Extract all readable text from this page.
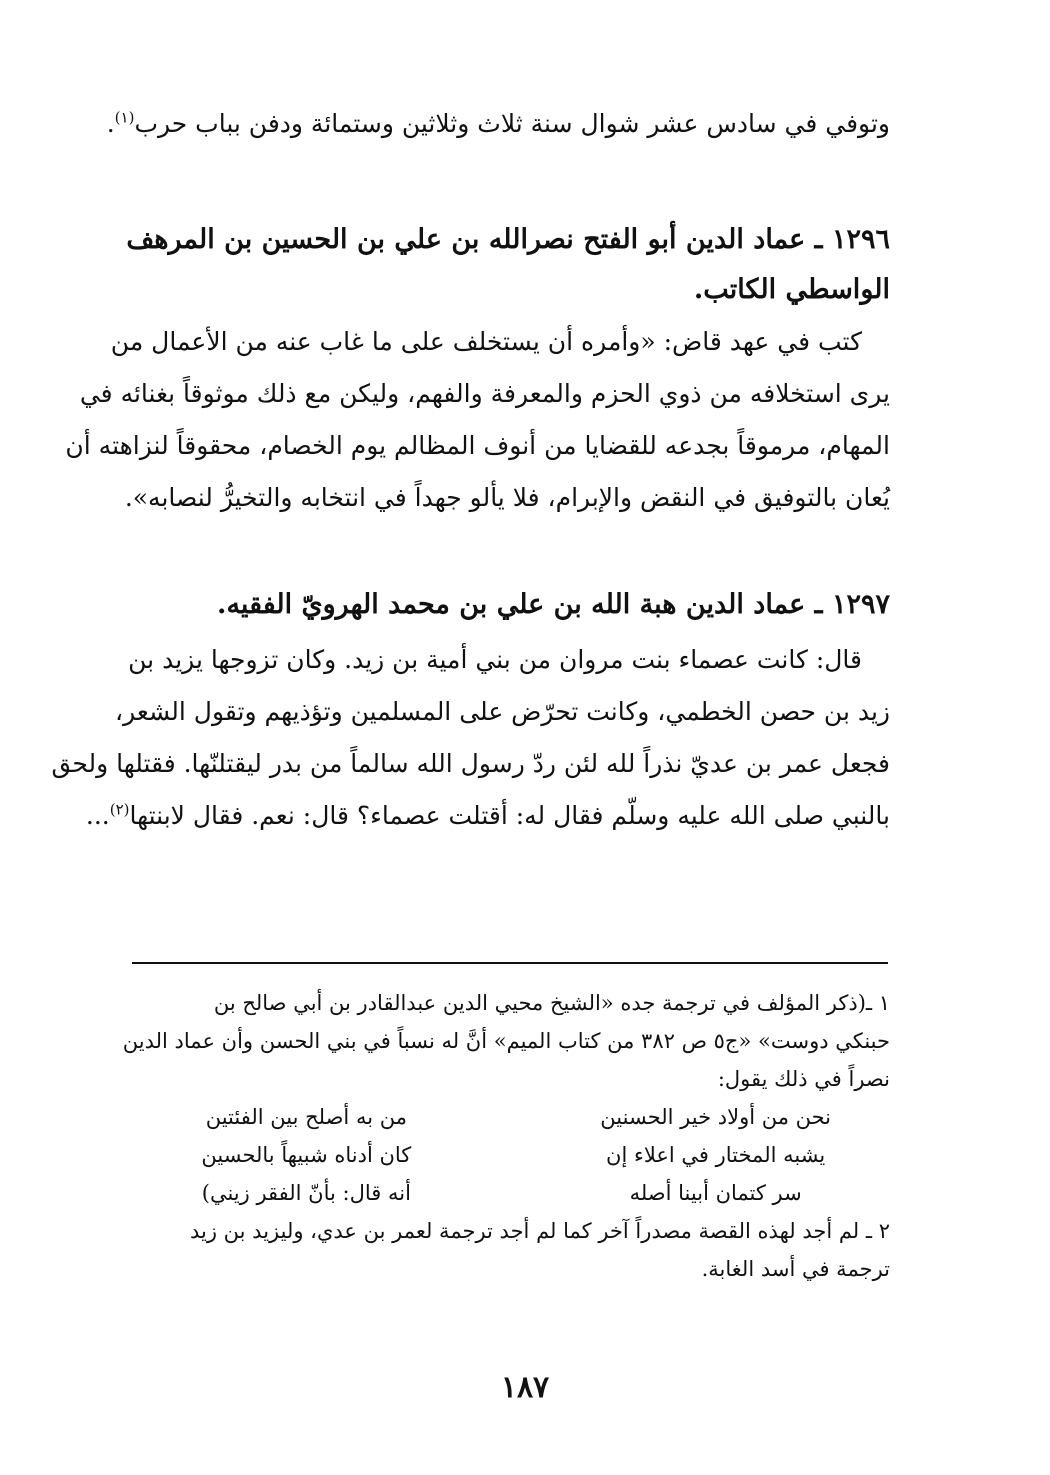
وتوفي في سادس عشر شوال سنة ثلاث وثلاثين وستمائة ودفن بباب حرب$^{(١)}$.
١٢٩٦ ـ عماد الدين أبو الفتح نصرالله بن علي بن الحسين بن المرهف
الواسطي الكاتب.
كتب في عهد قاض: «وأمره أن يستخلف على ما غاب عنه من الأعمال من
يرى استخلافه من ذوي الحزم والمعرفة والفهم، وليكن مع ذلك موثوقاً بغنائه في
المهام، مرموقاً بجدعه للقضايا من أنوف المظالم يوم الخصام، محقوقاً لنزاهته أن
يُعان بالتوفيق في النقض والإبرام، فلا يألو جهداً في انتخابه والتخيرُّ لنصابه».
١٢٩٧ ـ عماد الدين هبة الله بن علي بن محمد الهرويّ الفقيه.
قال: كانت عصماء بنت مروان من بني أمية بن زيد. وكان تزوجها يزيد بن
زيد بن حصن الخطمي، وكانت تحرّض على المسلمين وتؤذيهم وتقول الشعر،
فجعل عمر بن عديّ نذراً لله لئن ردّ رسول الله سالماً من بدر ليقتلنّها. فقتلها ولحق
بالنبي صلى الله عليه وسلّم فقال له: أقتلت عصماء؟ قال: نعم. فقال لابنتها$^{(٢)}$...
١ ـ(ذكر المؤلف في ترجمة جده «الشيخ محيي الدين عبدالقادر بن أبي صالح بن
حبنكي دوست» «ج٥ ص ٣٨٢ من كتاب الميم» أنَّ له نسباً في بني الحسن وأن عماد الدين
نصراً في ذلك يقول:
نحن من أولاد خير الحسنين
من به أصلح بين الفئتين
يشبه المختار في اعلاء إن
كان أدناه شبيهاً بالحسين
سر كتمان أبينا أصله
أنه قال: بأنّ الفقر زيني)
٢ ـ لم أجد لهذه القصة مصدراً آخر كما لم أجد ترجمة لعمر بن عدي، وليزيد بن زيد
ترجمة في أسد الغابة.
١٨٧
